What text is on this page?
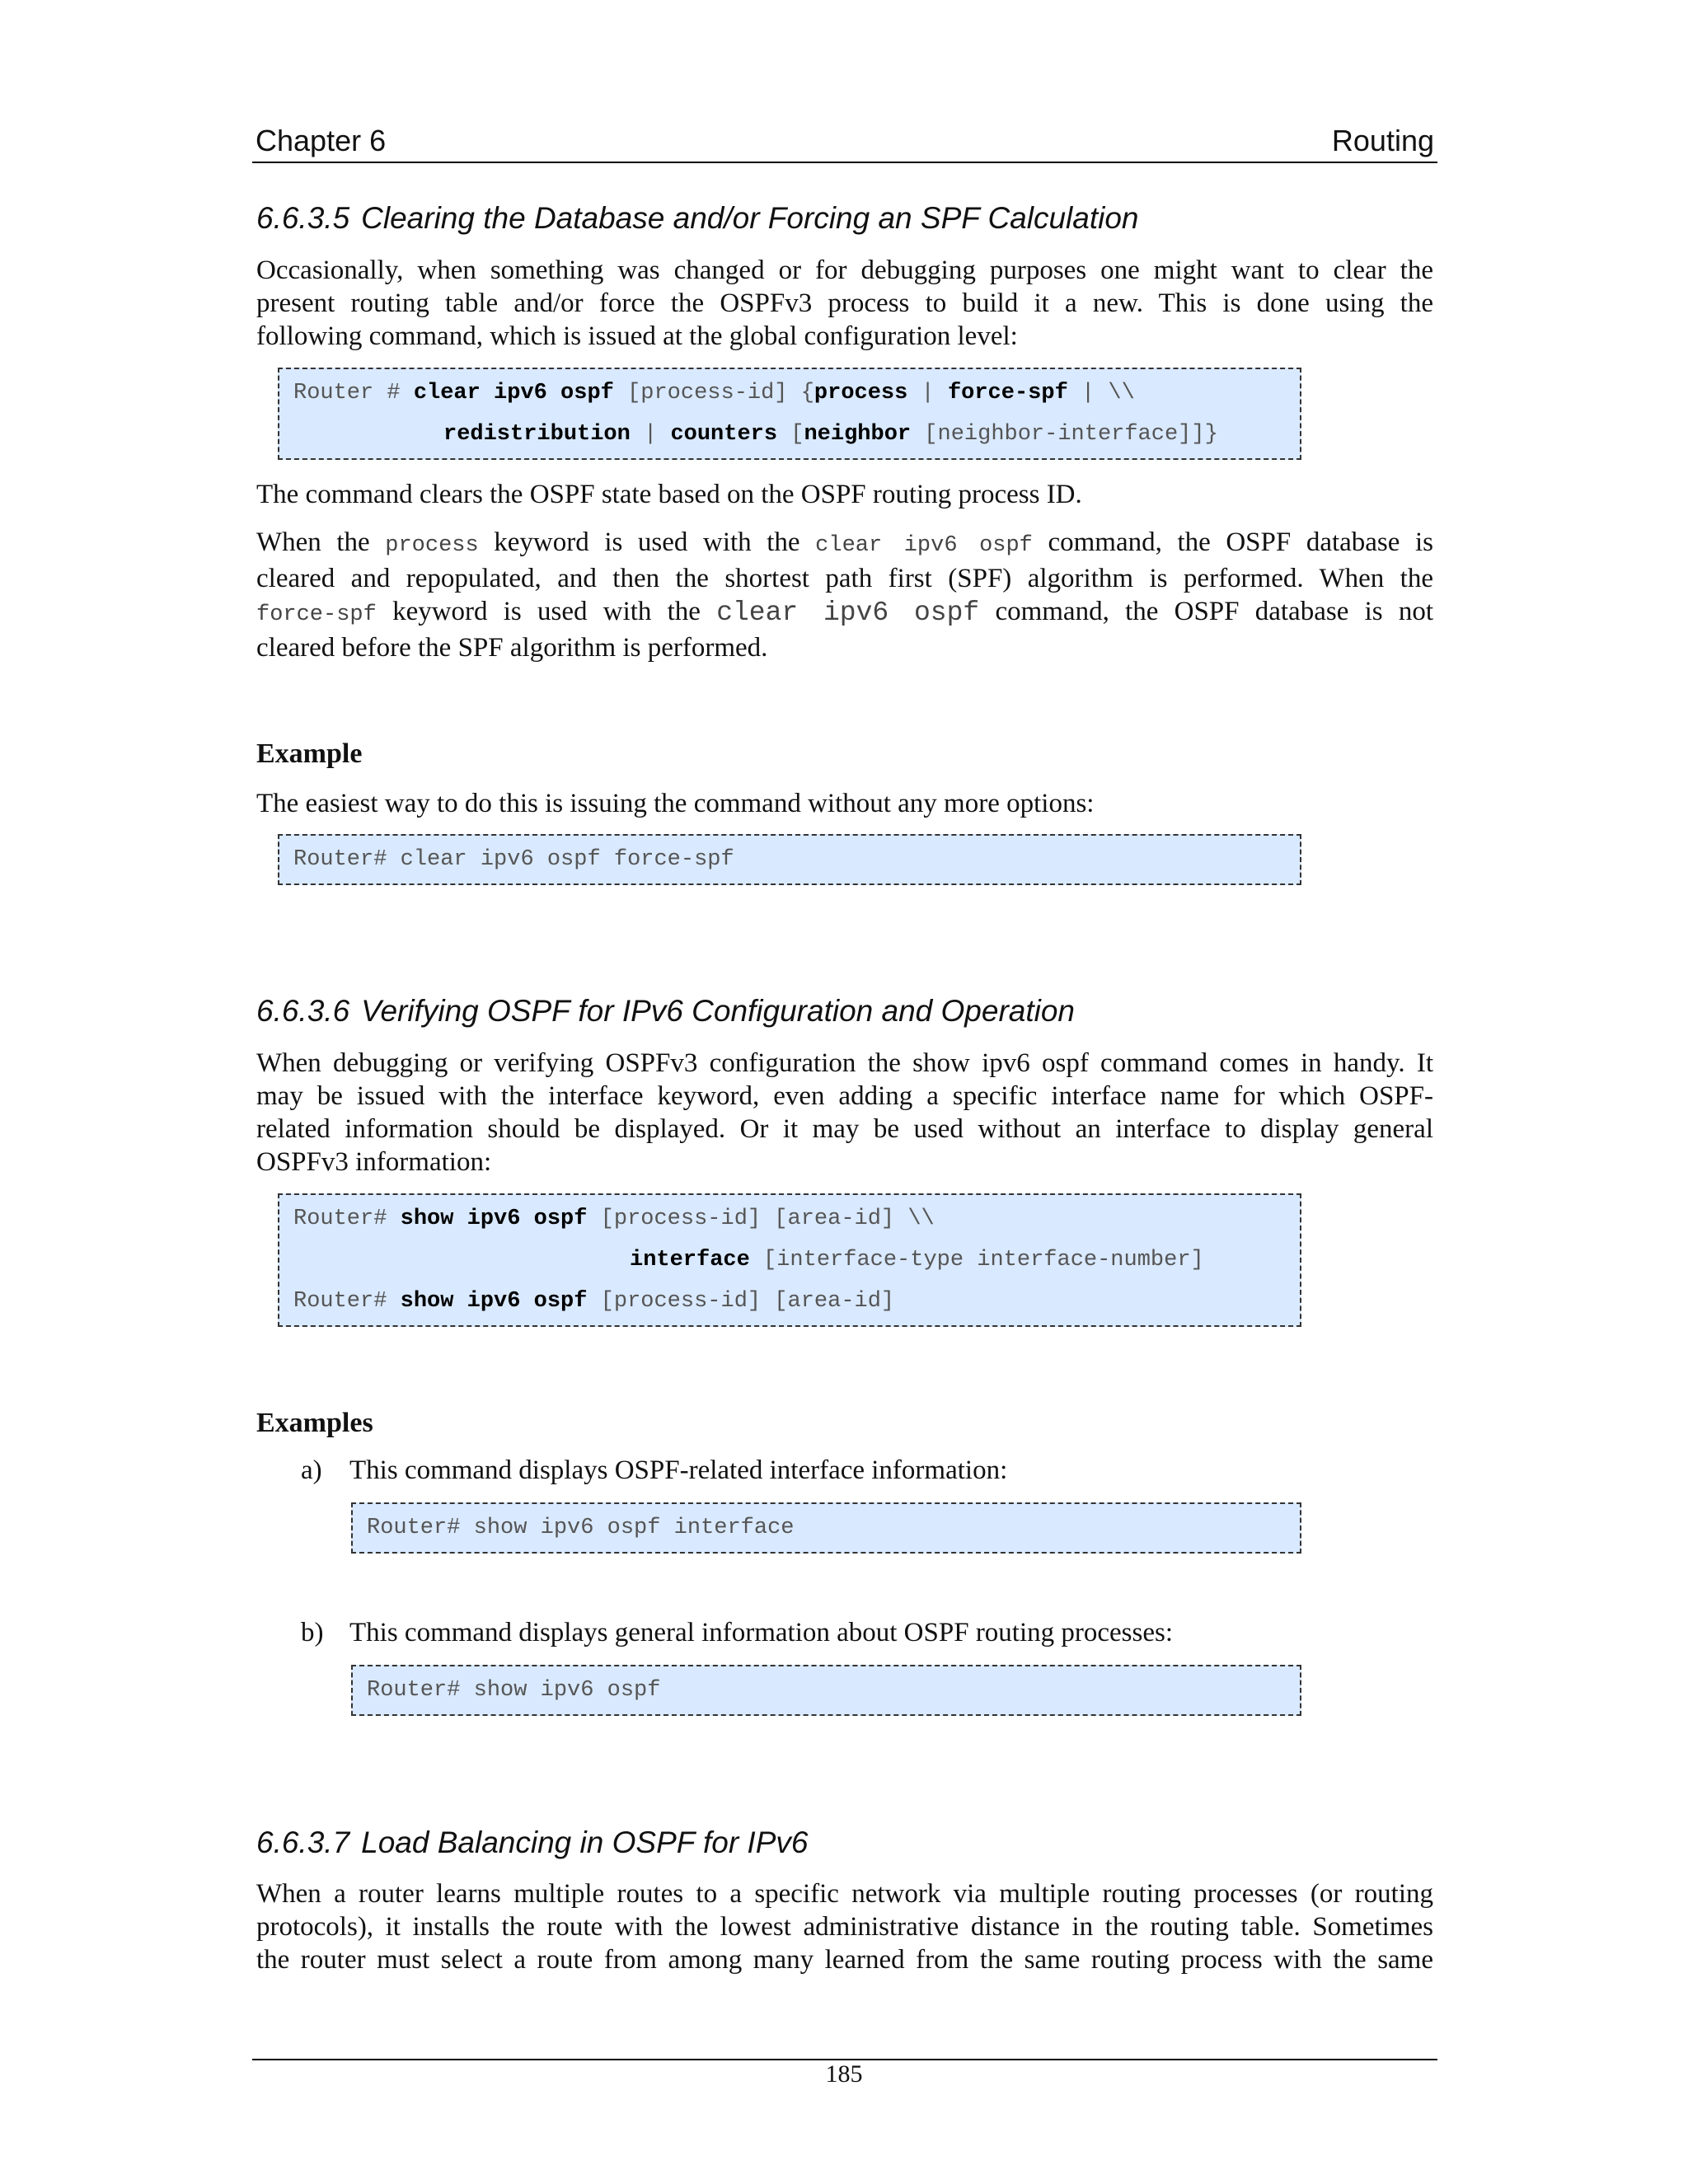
Chapter 6	Routing
6.6.3.5 Clearing the Database and/or Forcing an SPF Calculation
Occasionally, when something was changed or for debugging purposes one might want to clear the
present routing table and/or force the OSPFv3 process to build it a new. This is done using the
following command, which is issued at the global configuration level:
Router # clear ipv6 ospf [process-id] {process | force-spf | \\
redistribution | counters [neighbor [neighbor-interface]]}
The command clears the OSPF state based on the OSPF routing process ID.
When the process keyword is used with the clear ipv6 ospf command, the OSPF database is
cleared and repopulated, and then the shortest path first (SPF) algorithm is performed. When the
force-spf keyword is used with the clear ipv6 ospf command, the OSPF database is not
cleared before the SPF algorithm is performed.
Example
The easiest way to do this is issuing the command without any more options:
Router# clear ipv6 ospf force-spf
6.6.3.6 Verifying OSPF for IPv6 Configuration and Operation
When debugging or verifying OSPFv3 configuration the show ipv6 ospf command comes in handy. It
may be issued with the interface keyword, even adding a specific interface name for which OSPF-
related information should be displayed. Or it may be used without an interface to display general
OSPFv3 information:
Router# show ipv6 ospf [process-id] [area-id] \\
interface [interface-type interface-number]
Router# show ipv6 ospf [process-id] [area-id]
Examples
a) This command displays OSPF-related interface information:
Router# show ipv6 ospf interface
b) This command displays general information about OSPF routing processes:
Router# show ipv6 ospf
6.6.3.7 Load Balancing in OSPF for IPv6
When a router learns multiple routes to a specific network via multiple routing processes (or routing
protocols), it installs the route with the lowest administrative distance in the routing table. Sometimes
the router must select a route from among many learned from the same routing process with the same
185
